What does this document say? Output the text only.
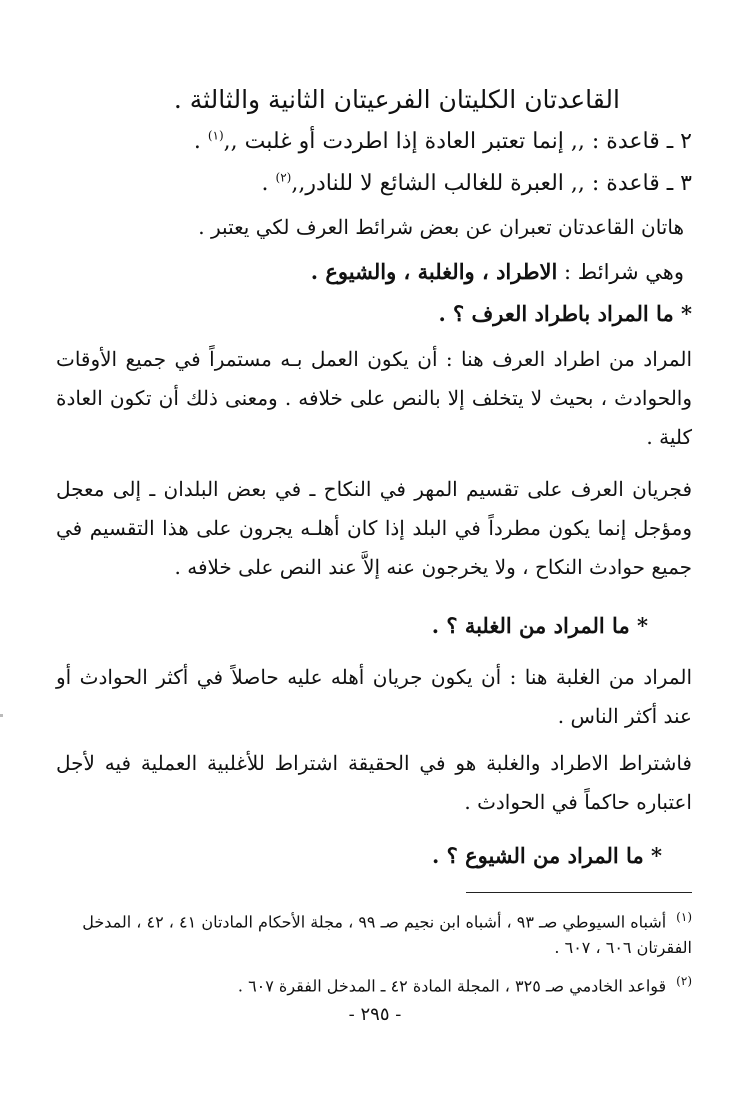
القاعدتان الكليتان الفرعيتان الثانية والثالثة .
٢ ـ قاعدة : ,, إنما تعتبر العادة إذا اطردت أو غلبت ,,$^{(١)}$ .
٣ ـ قاعدة : ,, العبرة للغالب الشائع لا للنادر,,$^{(٢)}$ .
هاتان القاعدتان تعبران عن بعض شرائط العرف لكي يعتبر .
وهي شرائط : الاطراد ، والغلبة ، والشيوع .
* ما المراد باطراد العرف ؟ .
المراد من اطراد العرف هنا : أن يكون العمل بـه مستمراً في جميع الأوقات والحوادث ، بحيث لا يتخلف إلا بالنص على خلافه . ومعنى ذلك أن تكون العادة كلية .
فجريان العرف على تقسيم المهر في النكاح ـ في بعض البلدان ـ إلى معجل ومؤجل إنما يكون مطرداً في البلد إذا كان أهلـه يجرون على هذا التقسيم في جميع حوادث النكاح ، ولا يخرجون عنه إلاَّ عند النص على خلافه .
* ما المراد من الغلبة ؟ .
المراد من الغلبة هنا : أن يكون جريان أهله عليه حاصلاً في أكثر الحوادث أو عند أكثر الناس .
فاشتراط الاطراد والغلبة هو في الحقيقة اشتراط للأغلبية العملية فيه لأجل اعتباره حاكماً في الحوادث .
* ما المراد من الشيوع ؟ .
(١)أشباه السيوطي صـ ٩٣ ، أشباه ابن نجيم صـ ٩٩ ، مجلة الأحكام المادتان ٤١ ، ٤٢ ، المدخل الفقرتان ٦٠٦ ، ٦٠٧ .
(٢)قواعد الخادمي صـ ٣٢٥ ، المجلة المادة ٤٢ ـ المدخل الفقرة ٦٠٧ .
- ٢٩٥ -
